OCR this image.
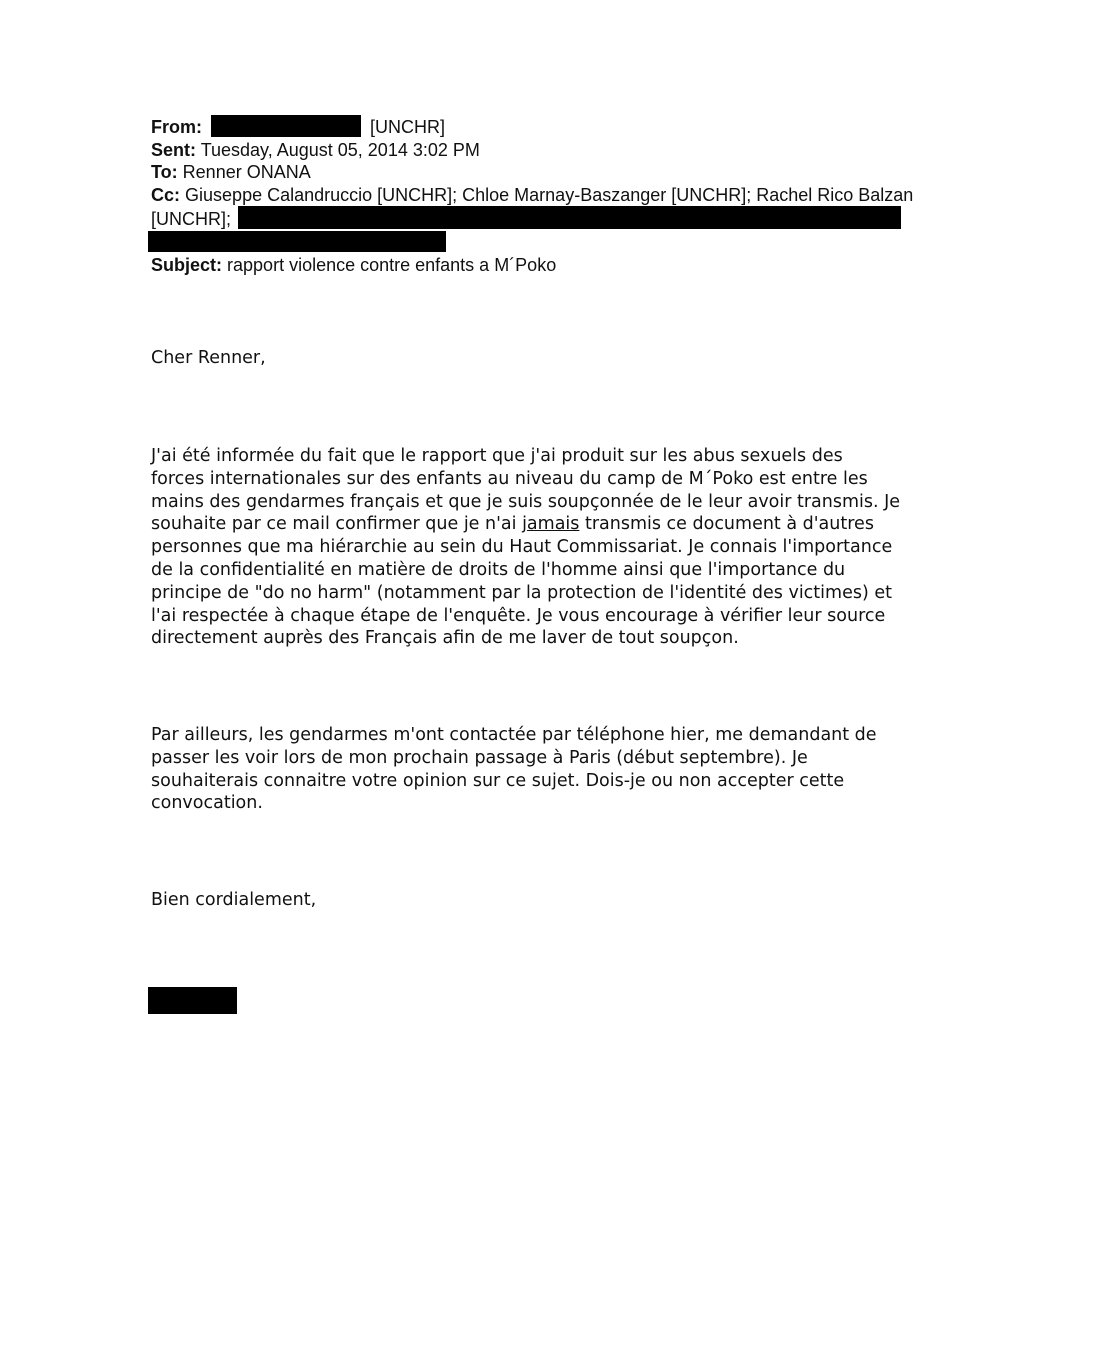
From:	[UNCHR]
Sent: Tuesday, August 05, 2014 3:02 PM
To: Renner ONANA
Cc: Giuseppe Calandruccio [UNCHR]; Chloe Marnay-Baszanger [UNCHR]; Rachel Rico Balzan
[UNCHR];
Subject: rapport violence contre enfants a M´Poko
Cher Renner,
J'ai été informée du fait que le rapport que j'ai produit sur les abus sexuels des
forces internationales sur des enfants au niveau du camp de M´Poko est entre les
mains des gendarmes français et que je suis soupçonnée de le leur avoir transmis. Je
souhaite par ce mail confirmer que je n'ai jamais transmis ce document à d'autres
personnes que ma hiérarchie au sein du Haut Commissariat. Je connais l'importance
de la confidentialité en matière de droits de l'homme ainsi que l'importance du
principe de "do no harm" (notamment par la protection de l'identité des victimes) et
l'ai respectée à chaque étape de l'enquête. Je vous encourage à vérifier leur source
directement auprès des Français afin de me laver de tout soupçon.
Par ailleurs, les gendarmes m'ont contactée par téléphone hier, me demandant de
passer les voir lors de mon prochain passage à Paris (début septembre). Je
souhaiterais connaitre votre opinion sur ce sujet. Dois-je ou non accepter cette
convocation.
Bien cordialement,
